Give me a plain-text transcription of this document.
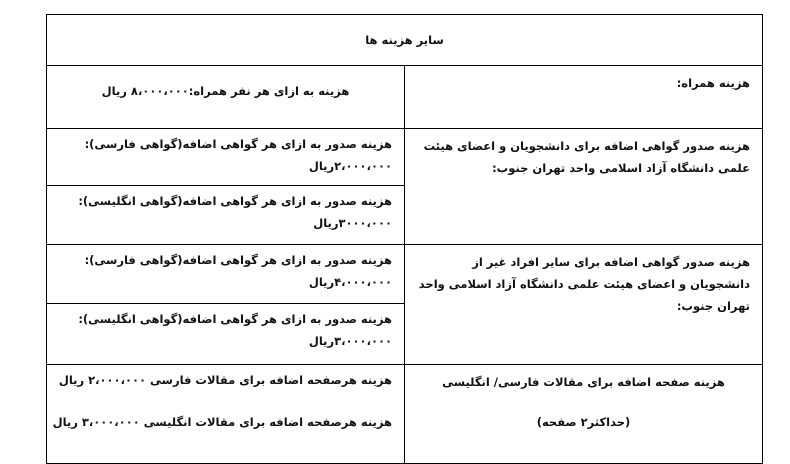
سایر هزینه ها	
هزینه همراه:	هزینه به ازای هر نفر همراه:۸،۰۰۰،۰۰۰ ریال
هزینه صدور گواهی اضافه برای دانشجویان و اعضای هیئت علمی دانشگاه آزاد اسلامی واحد تهران جنوب:	هزینه صدور به ازای هر گواهی اضافه(گواهی فارسی):
۲،۰۰۰،۰۰۰ریال

	هزینه صدور به ازای هر گواهی اضافه(گواهی انگلیسی):
۳۰۰۰،۰۰۰ریال

هزینه صدور گواهی اضافه برای سایر افراد غیر از دانشجویان و اعضای هیئت علمی دانشگاه آزاد اسلامی واحد تهران جنوب:	هزینه صدور به ازای هر گواهی اضافه(گواهی فارسی):
۴،۰۰۰،۰۰۰ریال

	هزینه صدور به ازای هر گواهی اضافه(گواهی انگلیسی):
۳،۰۰۰،۰۰۰ریال

هزینه صفحه اضافه برای مقالات فارسی/ انگلیسی
(حداکثر۲ صفحه)	هزینه هرصفحه اضافه برای مقالات فارسی ۲،۰۰۰،۰۰۰ ریال
هزینه هرصفحه اضافه برای مقالات انگلیسی ۳،۰۰۰،۰۰۰ ریال
